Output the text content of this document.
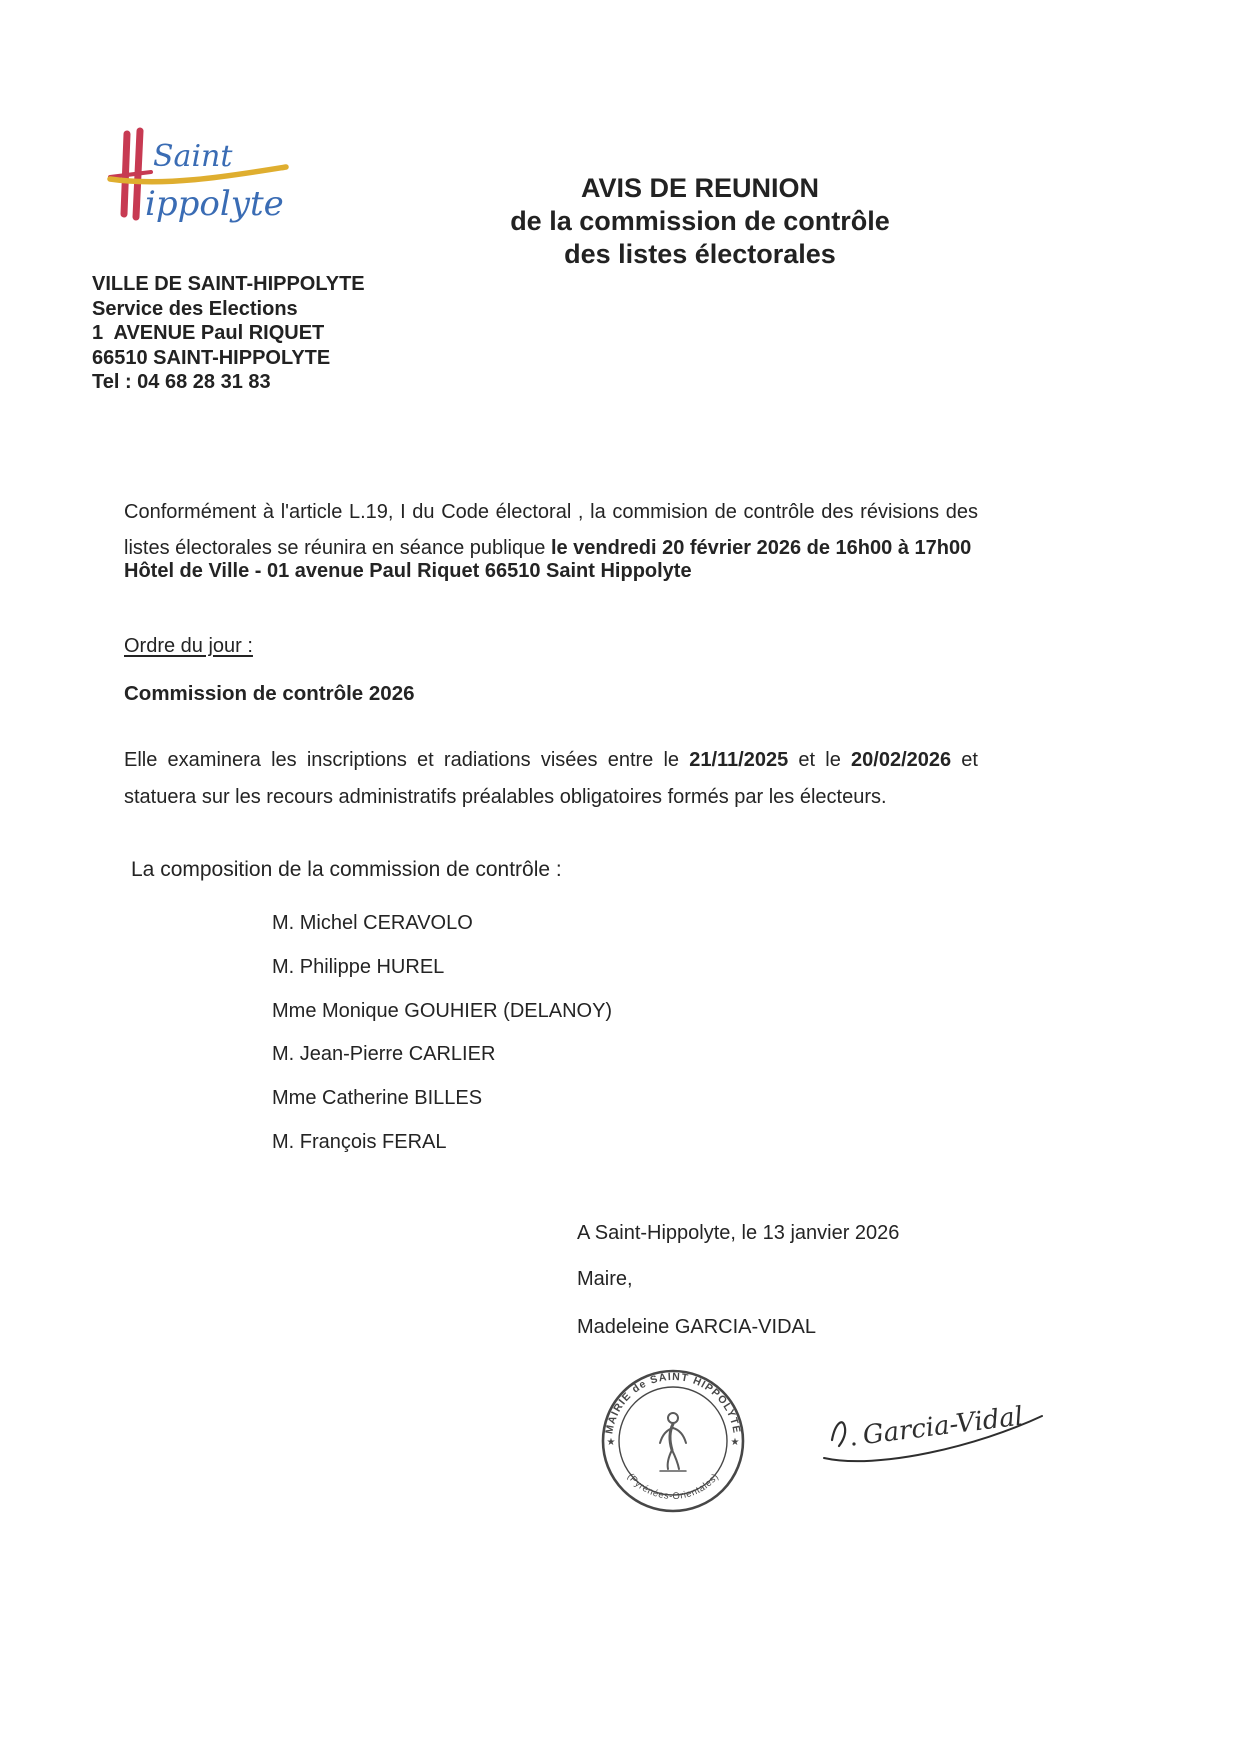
Saint
ippolyte	AVIS DE REUNION
de la commission de contrôle
des listes électorales
VILLE DE SAINT-HIPPOLYTE
Service des Elections
1  AVENUE Paul RIQUET
66510 SAINT-HIPPOLYTE
Tel : 04 68 28 31 83
Conformément à l'article L.19, I du Code électoral , la commision de contrôle des révisions des listes électorales se réunira en séance publique le vendredi 20 février 2026 de 16h00 à 17h00
Hôtel de Ville - 01 avenue Paul Riquet 66510 Saint Hippolyte
Ordre du jour :
Commission de contrôle 2026
Elle examinera les inscriptions et radiations visées entre le 21/11/2025 et le 20/02/2026 et statuera sur les recours administratifs préalables obligatoires formés par les électeurs.
La composition de la commission de contrôle :
M. Michel CERAVOLO
M. Philippe HUREL
Mme Monique GOUHIER (DELANOY)
M. Jean-Pierre CARLIER
Mme Catherine BILLES
M. François FERAL
A Saint-Hippolyte, le 13 janvier 2026
Maire,
Madeleine GARCIA-VIDAL
MAIRIE de SAINT HIPPOLYTE
(Pyrénées-Orientales)
★	★	Garcia-Vidal
